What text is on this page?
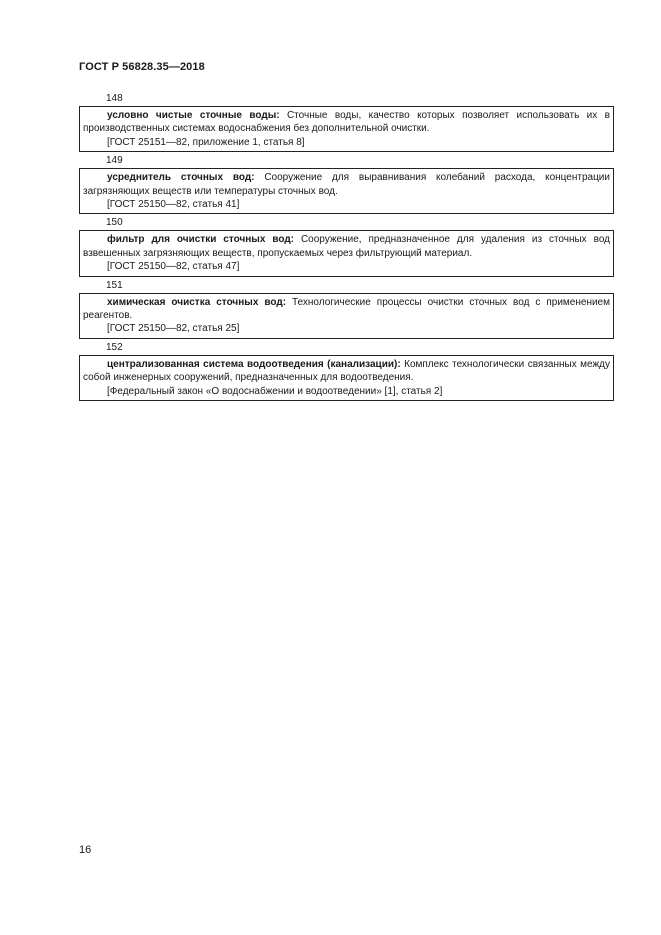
ГОСТ Р 56828.35—2018
148
условно чистые сточные воды: Сточные воды, качество которых позволяет использовать их в производственных системах водоснабжения без дополнительной очистки.
[ГОСТ 25151—82, приложение 1, статья 8]
149
усреднитель сточных вод: Сооружение для выравнивания колебаний расхода, концентрации загрязняющих веществ или температуры сточных вод.
[ГОСТ 25150—82, статья 41]
150
фильтр для очистки сточных вод: Сооружение, предназначенное для удаления из сточных вод взвешенных загрязняющих веществ, пропускаемых через фильтрующий материал.
[ГОСТ 25150—82, статья 47]
151
химическая очистка сточных вод: Технологические процессы очистки сточных вод с применением реагентов.
[ГОСТ 25150—82, статья 25]
152
централизованная система водоотведения (канализации): Комплекс технологически связанных между собой инженерных сооружений, предназначенных для водоотведения.
[Федеральный закон «О водоснабжении и водоотведении» [1], статья 2]
16
